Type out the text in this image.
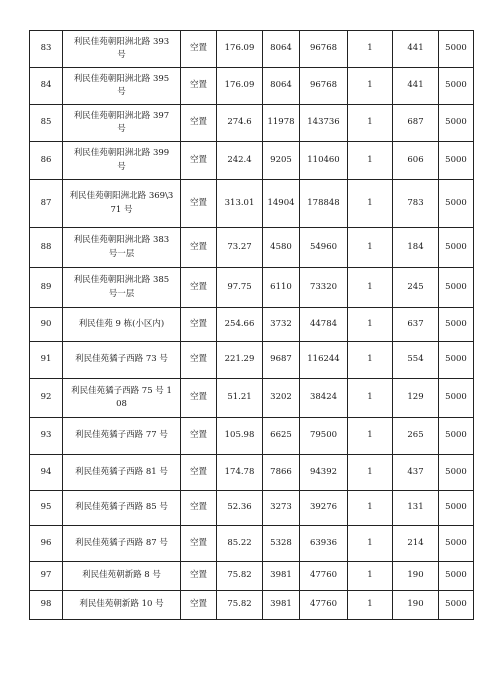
83	利民佳苑朝阳洲北路 393 号	空置	176.09	8064	96768	1	441	5000
84	利民佳苑朝阳洲北路 395 号	空置	176.09	8064	96768	1	441	5000
85	利民佳苑朝阳洲北路 397 号	空置	274.6	11978	143736	1	687	5000
86	利民佳苑朝阳洲北路 399 号	空置	242.4	9205	110460	1	606	5000
87	利民佳苑朝阳洲北路 369\371 号	空置	313.01	14904	178848	1	783	5000
88	利民佳苑朝阳洲北路 383 号一层	空置	73.27	4580	54960	1	184	5000
89	利民佳苑朝阳洲北路 385 号一层	空置	97.75	6110	73320	1	245	5000
90	利民佳苑 9 栋(小区内)	空置	254.66	3732	44784	1	637	5000
91	利民佳苑獝子西路 73 号	空置	221.29	9687	116244	1	554	5000
92	利民佳苑獝子西路 75 号 108	空置	51.21	3202	38424	1	129	5000
93	利民佳苑獝子西路 77 号	空置	105.98	6625	79500	1	265	5000
94	利民佳苑獝子西路 81 号	空置	174.78	7866	94392	1	437	5000
95	利民佳苑獝子西路 85 号	空置	52.36	3273	39276	1	131	5000
96	利民佳苑獝子西路 87 号	空置	85.22	5328	63936	1	214	5000
97	利民佳苑朝新路 8 号	空置	75.82	3981	47760	1	190	5000
98	利民佳苑朝新路 10 号	空置	75.82	3981	47760	1	190	5000
